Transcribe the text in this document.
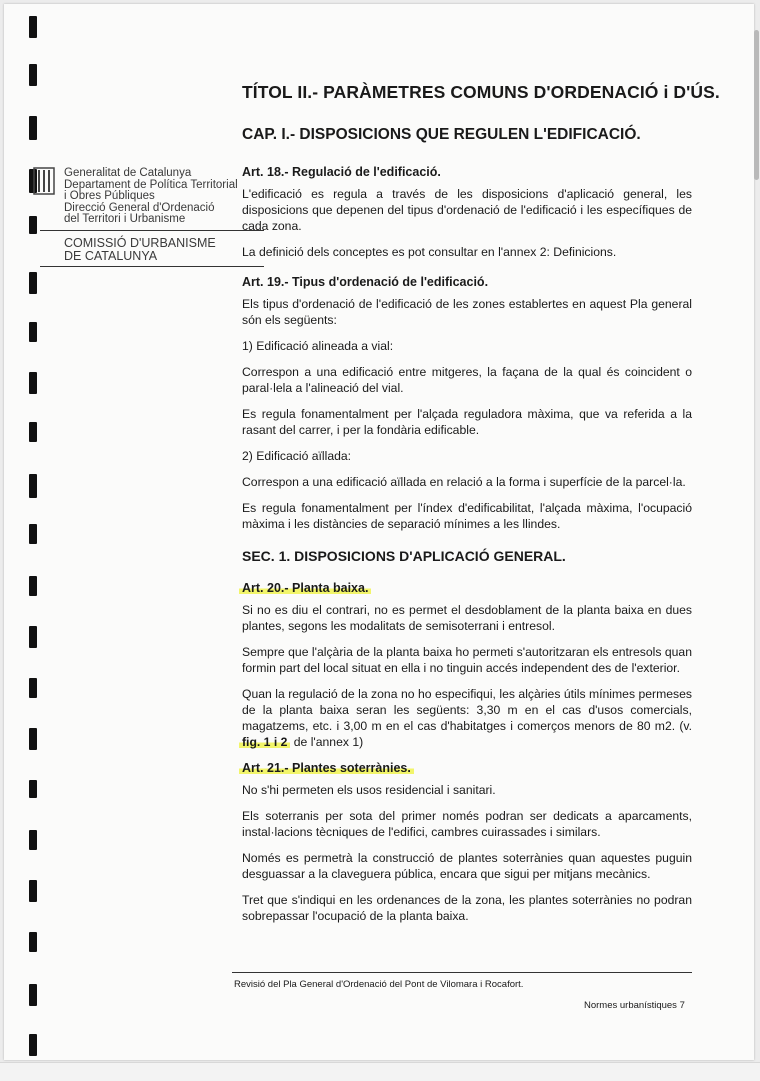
TÍTOL II.- PARÀMETRES COMUNS D'ORDENACIÓ i D'ÚS.
CAP. I.- DISPOSICIONS QUE REGULEN L'EDIFICACIÓ.
Generalitat de Catalunya
Departament de Política Territorial
i Obres Públiques
Direcció General d'Ordenació
del Territori i Urbanisme
COMISSIÓ D'URBANISME
DE CATALUNYA
Art. 18.- Regulació de l'edificació.
L'edificació es regula a través de les disposicions d'aplicació general, les disposicions que depenen del tipus d'ordenació de l'edificació i les específiques de cada zona.
La definició dels conceptes es pot consultar en l'annex 2: Definicions.
Art. 19.- Tipus d'ordenació de l'edificació.
Els tipus d'ordenació de l'edificació de les zones establertes en aquest Pla general són els següents:
1) Edificació alineada a vial:
Correspon a una edificació entre mitgeres, la façana de la qual és coincident o paral·lela a l'alineació del vial.
Es regula fonamentalment per l'alçada reguladora màxima, que va referida a la rasant del carrer, i per la fondària edificable.
2) Edificació aïllada:
Correspon a una edificació aïllada en relació a la forma i superfície de la parcel·la.
Es regula fonamentalment per l'índex d'edificabilitat, l'alçada màxima, l'ocupació màxima i les distàncies de separació mínimes a les llindes.
SEC. 1. DISPOSICIONS D'APLICACIÓ GENERAL.
Art. 20.- Planta baixa.
Si no es diu el contrari, no es permet el desdoblament de la planta baixa en dues plantes, segons les modalitats de semisoterrani i entresol.
Sempre que l'alçària de la planta baixa ho permeti s'autoritzaran els entresols quan formin part del local situat en ella i no tinguin accés independent des de l'exterior.
Quan la regulació de la zona no ho especifiqui, les alçàries útils mínimes permeses de la planta baixa seran les següents: 3,30 m en el cas d'usos comercials, magatzems, etc. i 3,00 m en el cas d'habitatges i comerços menors de 80 m2. (v. fig. 1 i 2 de l'annex 1)
Art. 21.- Plantes soterrànies.
No s'hi permeten els usos residencial i sanitari.
Els soterranis per sota del primer només podran ser dedicats a aparcaments, instal·lacions tècniques de l'edifici, cambres cuirassades i similars.
Només es permetrà la construcció de plantes soterrànies quan aquestes puguin desguassar a la claveguera pública, encara que sigui per mitjans mecànics.
Tret que s'indiqui en les ordenances de la zona, les plantes soterrànies no podran sobrepassar l'ocupació de la planta baixa.
Revisió del Pla General d'Ordenació del Pont de Vilomara i Rocafort.
Normes urbanístiques 7
